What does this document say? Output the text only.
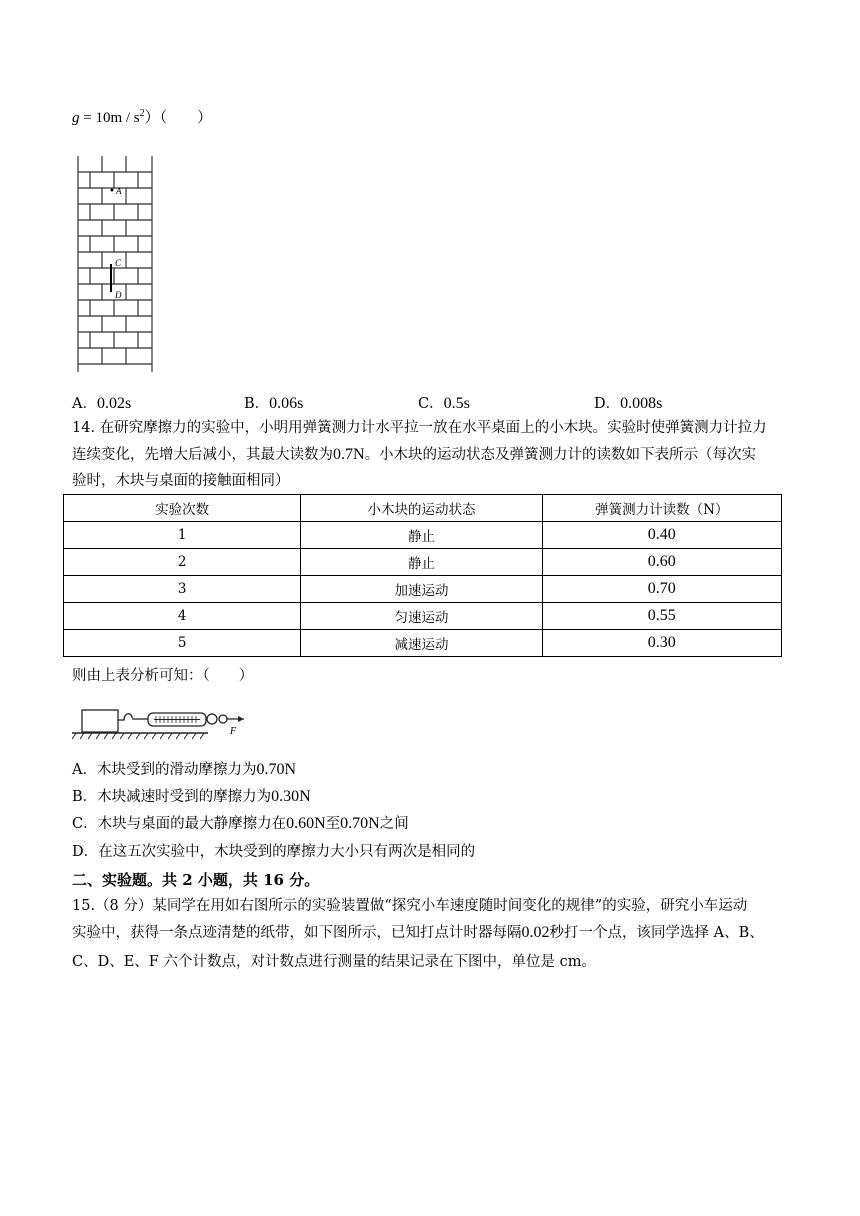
$g = 10m / s^2$）（　　）
A
C
D
A．0.02s	B．0.06s	C．0.5s	D．0.008s
14. 在研究摩擦力的实验中，小明用弹簧测力计水平拉一放在水平桌面上的小木块。实验时使弹簧测力计拉力
连续变化，先增大后减小，其最大读数为0.7N。小木块的运动状态及弹簧测力计的读数如下表所示（每次实
验时，木块与桌面的接触面相同）
实验次数	小木块的运动状态	弹簧测力计读数（N）
1	静止	0.40
2	静止	0.60
3	加速运动	0.70
4	匀速运动	0.55
5	减速运动	0.30
则由上表分析可知：（　　）
F
A．木块受到的滑动摩擦力为0.70N
B．木块减速时受到的摩擦力为0.30N
C．木块与桌面的最大静摩擦力在0.60N至0.70N之间
D．在这五次实验中，木块受到的摩擦力大小只有两次是相同的
二、实验题。共 2 小题，共 16 分。
15.（8 分）某同学在用如右图所示的实验装置做“探究小车速度随时间变化的规律”的实验，研究小车运动
实验中，获得一条点迹清楚的纸带，如下图所示，已知打点计时器每隔0.02秒打一个点，该同学选择 A、B、
C、D、E、F 六个计数点，对计数点进行测量的结果记录在下图中，单位是 cm。
